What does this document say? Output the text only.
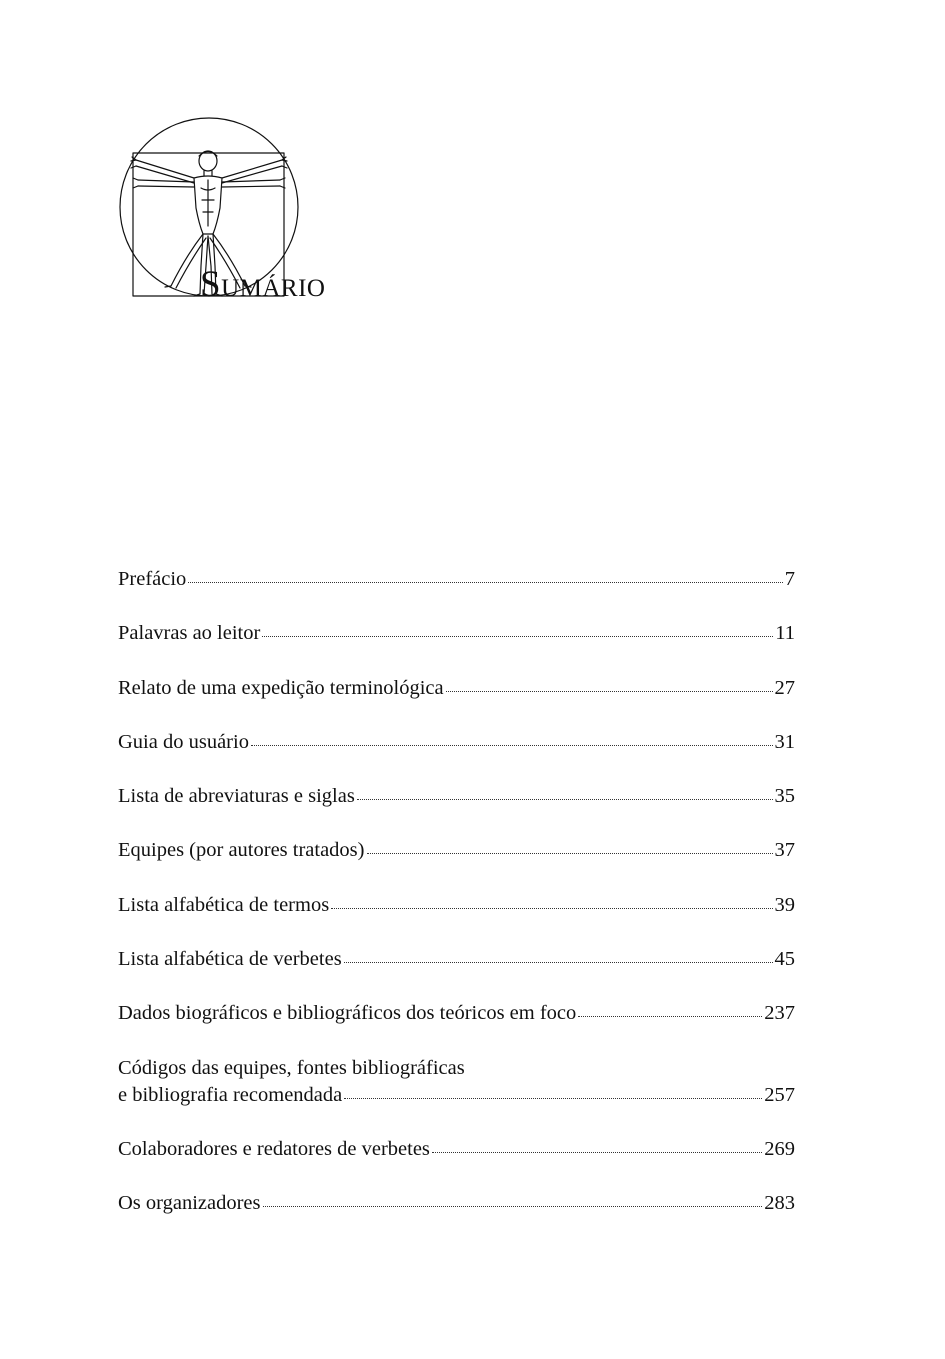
SUMÁRIO
Prefácio	7
Palavras ao leitor	11
Relato de uma expedição terminológica	27
Guia do usuário	31
Lista de abreviaturas e siglas	35
Equipes (por autores tratados)	37
Lista alfabética de termos	39
Lista alfabética de verbetes	45
Dados biográficos e bibliográficos dos teóricos em foco	237
Códigos das equipes, fontes bibliográficas
e bibliografia recomendada	257
Colaboradores e redatores de verbetes	269
Os organizadores	283
